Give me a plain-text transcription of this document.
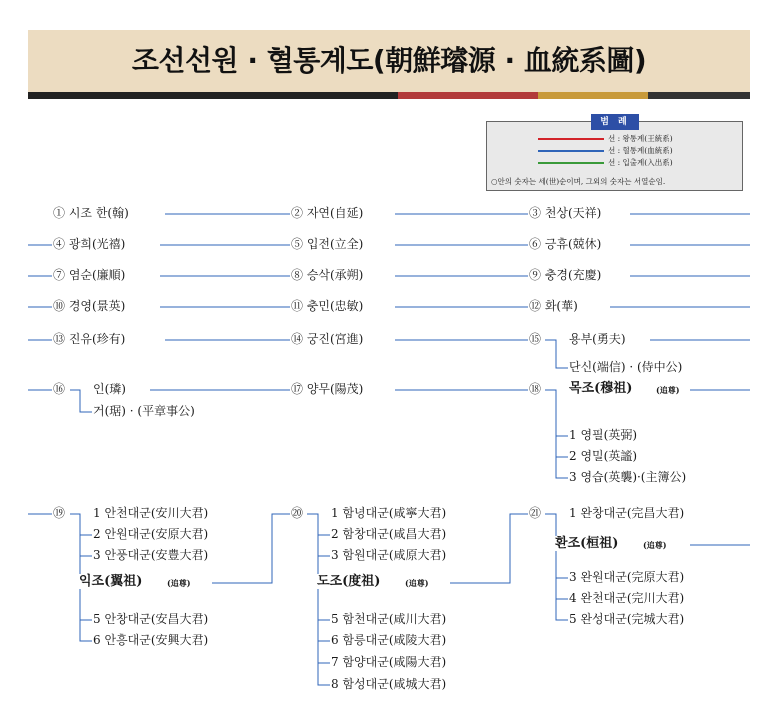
조선선원 · 혈통계도(朝鮮璿源 · 血統系圖)
범 례
선 : 왕통계(王統系)
선 : 혈통계(血統系)
선 : 입출계(入出系)
○안의 숫자는 세(世)순이며, 그외의 숫자는 서열순임.
① 시조 한(翰)	② 자연(自延)	③ 천상(天祥)
④ 광희(光禧)	⑤ 입전(立全)	⑥ 긍휴(兢休)
⑦ 염순(廉順)	⑧ 승삭(承朔)	⑨ 충경(充慶)
⑩ 경영(景英)	⑪ 충민(忠敏)	⑫ 화(華)
⑬ 진유(珍有)	⑭ 궁진(宮進)	⑮ 용부(勇夫)
단신(端信) · (侍中公)
⑯ 인(璘)
거(琚) · (平章事公)
⑰ 양무(陽茂)	⑱ 목조(穆祖)	(追尊)
1 영필(英弼)
2 영밀(英謐)
3 영습(英襲)·(主簿公)
⑲ 1 안천대군(安川大君)
2 안원대군(安原大君)
3 안풍대군(安豊大君)
익조(翼祖)	(追尊)
5 안창대군(安昌大君)
6 안흥대군(安興大君)
⑳ 1 함녕대군(咸寧大君)
2 함창대군(咸昌大君)
3 함원대군(咸原大君)
도조(度祖)	(追尊)
5 함천대군(咸川大君)
6 함릉대군(咸陵大君)
7 함양대군(咸陽大君)
8 함성대군(咸城大君)
㉑ 1 완창대군(完昌大君)
환조(桓祖)	(追尊)
3 완원대군(完原大君)
4 완천대군(完川大君)
5 완성대군(完城大君)
